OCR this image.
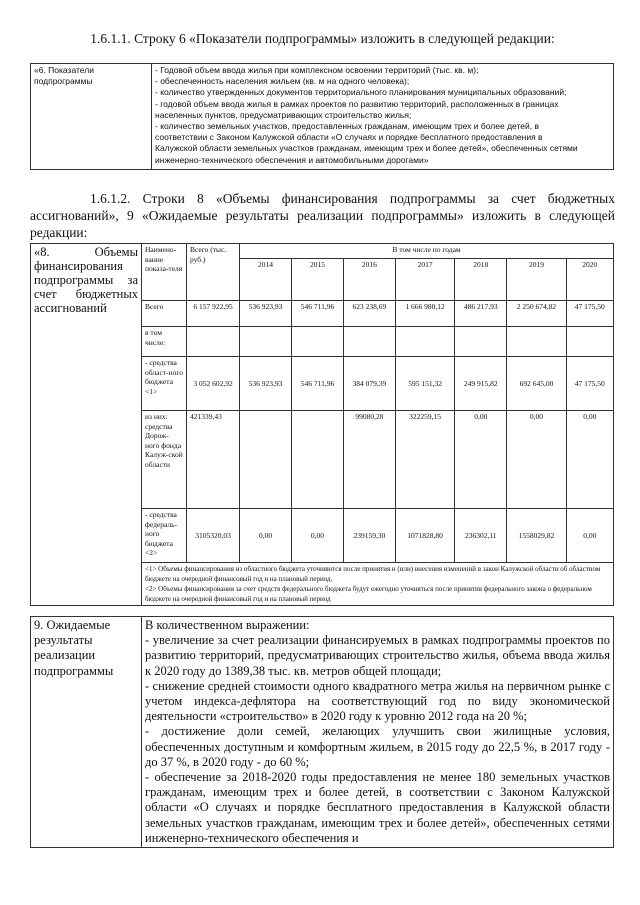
1.6.1.1. Строку 6 «Показатели подпрограммы» изложить в следующей редакции:
«6. Показатели подпрограммы	
- Годовой объем ввода жилья при комплексном освоении территорий (тыс. кв. м);
- обеспеченность населения жильем (кв. м на одного человека);
- количество утвержденных документов территориального планирования муниципальных образований;
- годовой объем ввода жилья в рамках проектов по развитию территорий, расположенных в границах
населенных пунктов, предусматривающих строительство жилья;
- количество земельных участков, предоставленных гражданам, имеющим трех и более детей, в
соответствии с Законом Калужской области «О случаях и порядке бесплатного предоставления в
Калужской области земельных участков гражданам, имеющим трех и более детей», обеспеченных сетями
инженерно-технического обеспечения и автомобильными дорогами»
1.6.1.2. Строки 8 «Объемы финансирования подпрограммы за счет бюджетных ассигнований», 9 «Ожидаемые результаты реализации подпрограммы» изложить в следующей редакции:
«8. Объемы финансирования подпрограммы за счет бюджетных ассигнований	Наимено-вание показа-теля	Всего (тыс. руб.)	В том числе по годам						
			2014	2015	2016	2017	2018	2019	2020
	Всего	6 157 922,95	536 923,93	546 711,96	623 238,69	1 666 980,12	486 217,93	2 250 674,82	47 175,50
	в том числе:								
	- средства област-ного бюджета <1>	3 052 602,92	536 923,93	546 711,96	384 079,39	595 151,32	249 915,82	692 645,00	47 175,50
	из них: средства Дорож-ного фонда Калуж-ской области	421339,43			99080,28	322259,15	0,00	0,00	0,00
	- средства федераль-ного бюджета <2>	3105320,03	0,00	0,00	239159,30	1071828,80	236302,11	1558029,82	0,00

	<1> Объемы финансирования из областного бюджета уточняются после принятия и (или) внесения изменений в закон Калужской области об областном бюджете на очередной финансовый год и на плановый период.
<2> Объемы финансирования за счет средств федерального бюджета будут ежегодно уточняться после принятия федерального закона о федеральном бюджете на очередной финансовый год и на плановый период								
9. Ожидаемые результаты реализации подпрограммы	
В количественном выражении:
- увеличение за счет реализации финансируемых в рамках подпрограммы проектов по развитию территорий, предусматривающих строительство жилья, объема ввода жилья к 2020 году до 1389,38 тыс. кв. метров общей площади;
- снижение средней стоимости одного квадратного метра жилья на первичном рынке с учетом индекса-дефлятора на соответствующий год по виду экономической деятельности «строительство» в 2020 году к уровню 2012 года на 20 %;
- достижение доли семей, желающих улучшить свои жилищные условия, обеспеченных доступным и комфортным жильем, в 2015 году до 22,5 %, в 2017 году - до 37 %, в 2020 году - до 60 %;
- обеспечение за 2018-2020 годы предоставления не менее 180 земельных участков гражданам, имеющим трех и более детей, в соответствии с Законом Калужской области «О случаях и порядке бесплатного предоставления в Калужской области земельных участков гражданам, имеющим трех и более детей», обеспеченных сетями инженерно-технического обеспечения и
